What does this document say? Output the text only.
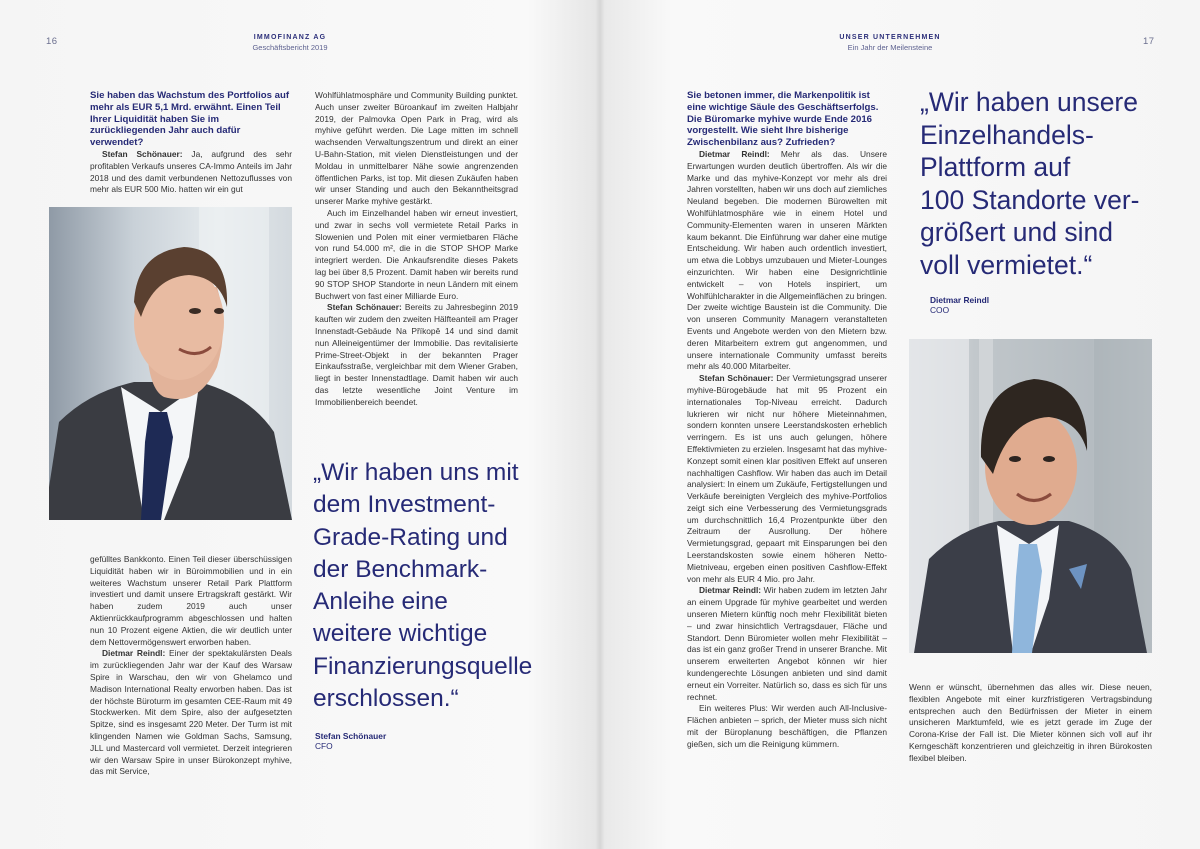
16	IMMOFINANZ AG
Geschäftsbericht 2019
Sie haben das Wachstum des Portfolios auf mehr als EUR 5,1 Mrd. erwähnt. Einen Teil Ihrer Liquidität haben Sie im zurückliegenden Jahr auch dafür verwendet?

Stefan Schönauer: Ja, aufgrund des sehr profitablen Verkaufs unseres CA-Immo Anteils im Jahr 2018 und des damit verbundenen Nettozuflusses von mehr als EUR 500 Mio. hatten wir ein gut

gefülltes Bankkonto. Einen Teil dieser überschüssigen Liquidität haben wir in Büroimmobilien und in ein weiteres Wachstum unserer Retail Park Plattform investiert und damit unsere Ertragskraft gestärkt. Wir haben zudem 2019 auch unser Aktienrückkaufprogramm abgeschlossen und halten nun 10 Prozent eigene Aktien, die wir deutlich unter dem Nettovermögenswert erworben haben.

Dietmar Reindl: Einer der spektakulärsten Deals im zurückliegenden Jahr war der Kauf des Warsaw Spire in Warschau, den wir von Ghelamco und Madison International Realty erworben haben. Das ist der höchste Büroturm im gesamten CEE-Raum mit 49 Stockwerken. Mit dem Spire, also der aufgesetzten Spitze, sind es insgesamt 220 Meter. Der Turm ist mit klingenden Namen wie Goldman Sachs, Samsung, JLL und Mastercard voll vermietet. Derzeit integrieren wir den Warsaw Spire in unser Bürokonzept myhive, das mit Service,

Wohlfühlatmosphäre und Community Building punktet. Auch unser zweiter Büroankauf im zweiten Halbjahr 2019, der Palmovka Open Park in Prag, wird als myhive geführt werden. Die Lage mitten im schnell wachsenden Verwaltungszentrum und direkt an einer U-Bahn-Station, mit vielen Dienstleistungen und der Moldau in unmittelbarer Nähe sowie angrenzenden öffentlichen Parks, ist top. Mit diesen Zukäufen haben wir unser Standing und auch den Bekanntheitsgrad unserer Marke myhive gestärkt.

Auch im Einzelhandel haben wir erneut investiert, und zwar in sechs voll vermietete Retail Parks in Slowenien und Polen mit einer vermietbaren Fläche von rund 54.000 m², die in die STOP SHOP Marke integriert werden. Die Ankaufsrendite dieses Pakets lag bei über 8,5 Prozent. Damit haben wir bereits rund 90 STOP SHOP Standorte in neun Ländern mit einem Buchwert von fast einer Milliarde Euro.

Stefan Schönauer: Bereits zu Jahresbeginn 2019 kauften wir zudem den zweiten Hälfteanteil am Prager Innenstadt-Gebäude Na Příkopě 14 und sind damit nun Alleineigentümer der Immobilie. Das revitalisierte Prime-Street-Objekt in der bekannten Prager Einkaufsstraße, vergleichbar mit dem Wiener Graben, liegt in bester Innenstadtlage. Damit haben wir auch das letzte wesentliche Joint Venture im Immobilienbereich beendet.

„Wir haben uns mit
dem Investment-
Grade-Rating und
der Benchmark-
Anleihe eine
weitere wichtige
Finanzierungsquelle
erschlossen.“
Stefan Schönauer
CFO
UNSER UNTERNEHMEN
Ein Jahr der Meilensteine
17
Sie betonen immer, die Markenpolitik ist eine wichtige Säule des Geschäftserfolgs. Die Büromarke myhive wurde Ende 2016 vorgestellt. Wie sieht Ihre bisherige Zwischenbilanz aus? Zufrieden?

Dietmar Reindl: Mehr als das. Unsere Erwartungen wurden deutlich übertroffen. Als wir die Marke und das myhive-Konzept vor mehr als drei Jahren vorstellten, haben wir uns doch auf ziemliches Neuland begeben. Die modernen Bürowelten mit Wohlfühlatmosphäre wie in einem Hotel und Community-Elementen waren in unseren Märkten kaum bekannt. Die Einführung war daher eine mutige Entscheidung. Wir haben auch ordentlich investiert, um etwa die Lobbys umzubauen und Mieter-Lounges einzurichten. Wir haben eine Designrichtlinie entwickelt – von Hotels inspiriert, um Wohlfühlcharakter in die Allgemeinflächen zu bringen. Der zweite wichtige Baustein ist die Community. Die von unseren Community Managern veranstalteten Events und Angebote werden von den Mietern bzw. deren Mitarbeitern extrem gut angenommen, und unsere internationale Community umfasst bereits mehr als 40.000 Mitarbeiter.

Stefan Schönauer: Der Vermietungsgrad unserer myhive-Bürogebäude hat mit 95 Prozent ein internationales Top-Niveau erreicht. Dadurch lukrieren wir nicht nur höhere Mieteinnahmen, sondern konnten unsere Leerstandskosten erheblich verringern. Es ist uns auch gelungen, höhere Effektivmieten zu erzielen. Insgesamt hat das myhive-Konzept somit einen klar positiven Effekt auf unseren nachhaltigen Cashflow. Wir haben das auch im Detail analysiert: In einem um Zukäufe, Fertigstellungen und Verkäufe bereinigten Vergleich des myhive-Portfolios zeigt sich eine Verbesserung des Vermietungsgrads um durchschnittlich 16,4 Prozentpunkte über den Zeitraum der Ausrollung. Der höhere Vermietungsgrad, gepaart mit Einsparungen bei den Leerstandskosten sowie einem höheren Netto-Mietniveau, ergeben einen positiven Cashflow-Effekt von mehr als EUR 4 Mio. pro Jahr.

Dietmar Reindl: Wir haben zudem im letzten Jahr an einem Upgrade für myhive gearbeitet und werden unseren Mietern künftig noch mehr Flexibilität bieten – und zwar hinsichtlich Vertragsdauer, Fläche und Standort. Denn Büromieter wollen mehr Flexibilität – das ist ein ganz großer Trend in unserer Branche. Mit unserem erweiterten Angebot können wir hier kundengerechte Lösungen anbieten und sind damit erneut ein Vorreiter. Natürlich so, dass es sich für uns rechnet.

Ein weiteres Plus: Wir werden auch All-Inclusive-Flächen anbieten – sprich, der Mieter muss sich nicht mit der Büroplanung beschäftigen, die Pflanzen gießen, sich um die Reinigung kümmern.

„Wir haben unsere
Einzelhandels-
Plattform auf
100 Standorte ver-
größert und sind
voll vermietet.“
Dietmar Reindl
COO

Wenn er wünscht, übernehmen das alles wir. Diese neuen, flexiblen Angebote mit einer kurzfristigeren Vertragsbindung entsprechen auch den Bedürfnissen der Mieter in einem unsicheren Marktumfeld, wie es jetzt gerade im Zuge der Corona-Krise der Fall ist. Die Mieter können sich voll auf ihr Kerngeschäft konzentrieren und gleichzeitig in ihren Bürokosten flexibel bleiben.
